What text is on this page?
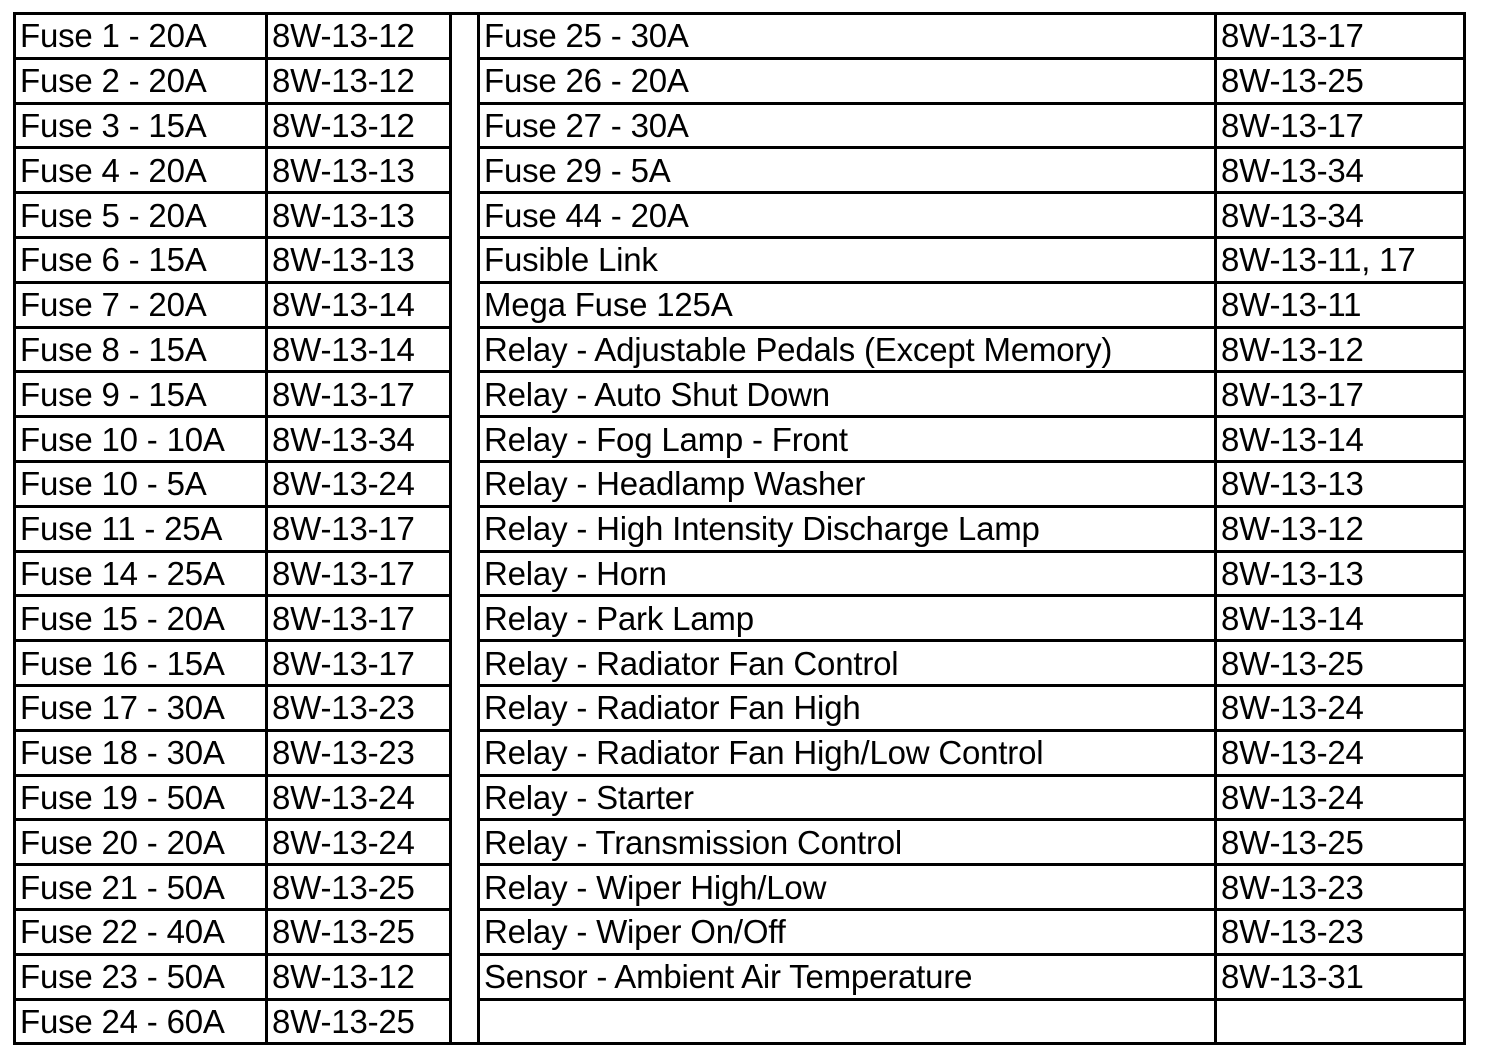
Fuse 1 - 20A	8W-13-12		Fuse 25 - 30A	8W-13-17
Fuse 2 - 20A	8W-13-12		Fuse 26 - 20A	8W-13-25
Fuse 3 - 15A	8W-13-12		Fuse 27 - 30A	8W-13-17
Fuse 4 - 20A	8W-13-13		Fuse 29 - 5A	8W-13-34
Fuse 5 - 20A	8W-13-13		Fuse 44 - 20A	8W-13-34
Fuse 6 - 15A	8W-13-13		Fusible Link	8W-13-11, 17
Fuse 7 - 20A	8W-13-14		Mega Fuse 125A	8W-13-11
Fuse 8 - 15A	8W-13-14		Relay - Adjustable Pedals (Except Memory)	8W-13-12
Fuse 9 - 15A	8W-13-17		Relay - Auto Shut Down	8W-13-17
Fuse 10 - 10A	8W-13-34		Relay - Fog Lamp - Front	8W-13-14
Fuse 10 - 5A	8W-13-24		Relay - Headlamp Washer	8W-13-13
Fuse 11 - 25A	8W-13-17		Relay - High Intensity Discharge Lamp	8W-13-12
Fuse 14 - 25A	8W-13-17		Relay - Horn	8W-13-13
Fuse 15 - 20A	8W-13-17		Relay - Park Lamp	8W-13-14
Fuse 16 - 15A	8W-13-17		Relay - Radiator Fan Control	8W-13-25
Fuse 17 - 30A	8W-13-23		Relay - Radiator Fan High	8W-13-24
Fuse 18 - 30A	8W-13-23		Relay - Radiator Fan High/Low Control	8W-13-24
Fuse 19 - 50A	8W-13-24		Relay - Starter	8W-13-24
Fuse 20 - 20A	8W-13-24		Relay - Transmission Control	8W-13-25
Fuse 21 - 50A	8W-13-25		Relay - Wiper High/Low	8W-13-23
Fuse 22 - 40A	8W-13-25		Relay - Wiper On/Off	8W-13-23
Fuse 23 - 50A	8W-13-12		Sensor - Ambient Air Temperature	8W-13-31
Fuse 24 - 60A	8W-13-25			
